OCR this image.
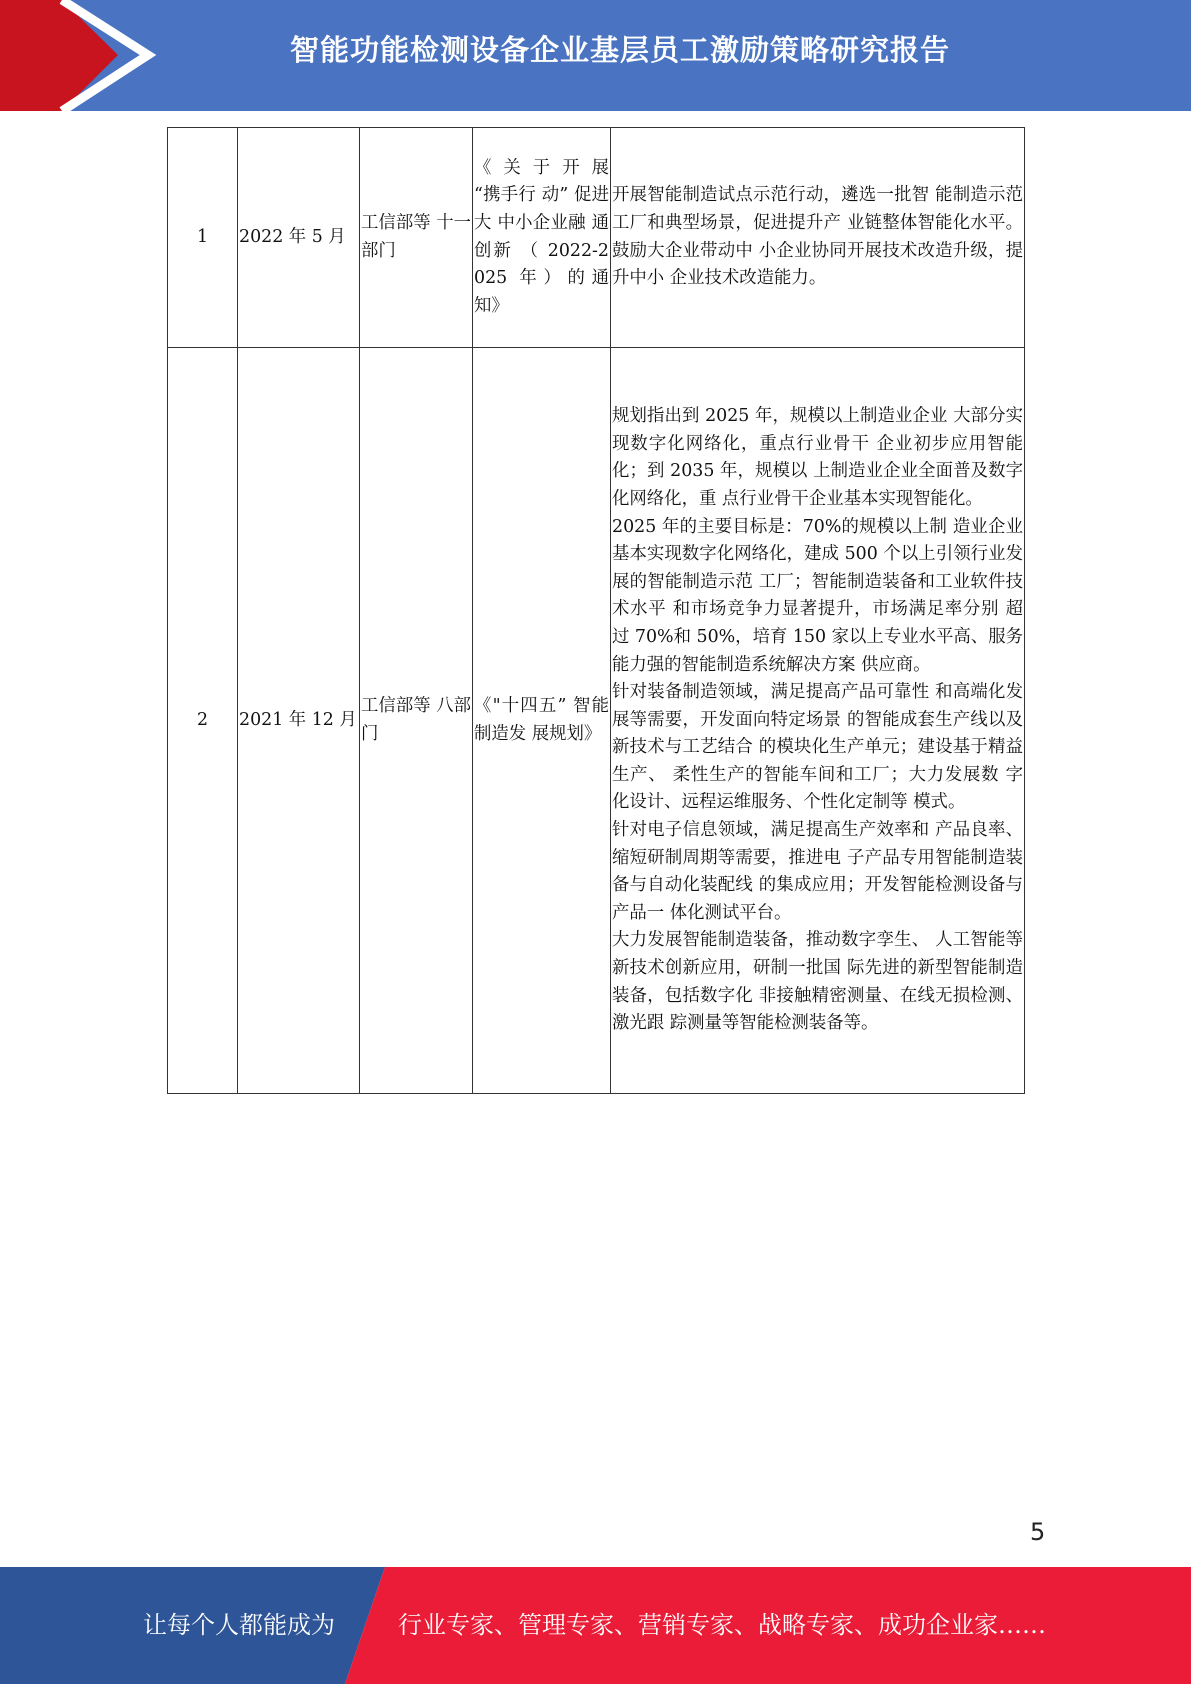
智能功能检测设备企业基层员工激励策略研究报告
1	2022 年 5 月	工信部等 十一部门	《 关 于 开 展 “携手行 动” 促进大 中小企业融 通创新 （ 2022-2025 年）的通 知》	开展智能制造试点示范行动，遴选一批智 能制造示范工厂和典型场景，促进提升产 业链整体智能化水平。鼓励大企业带动中 小企业协同开展技术改造升级，提升中小 企业技术改造能力。

2	2021 年 12 月	工信部等 八部门	《"十四五” 智能制造发 展规划》	规划指出到 2025 年，规模以上制造业企业 大部分实现数字化网络化，重点行业骨干 企业初步应用智能化；到 2035 年，规模以 上制造业企业全面普及数字化网络化，重 点行业骨干企业基本实现智能化。
2025 年的主要目标是：70%的规模以上制 造业企业基本实现数字化网络化，建成 500 个以上引领行业发展的智能制造示范 工厂；智能制造装备和工业软件技术水平 和市场竞争力显著提升，市场满足率分别 超过 70%和 50%，培育 150 家以上专业水平高、服务能力强的智能制造系统解决方案 供应商。
针对装备制造领域，满足提高产品可靠性 和高端化发展等需要，开发面向特定场景 的智能成套生产线以及新技术与工艺结合 的模块化生产单元；建设基于精益生产、 柔性生产的智能车间和工厂；大力发展数 字化设计、远程运维服务、个性化定制等 模式。
针对电子信息领域，满足提高生产效率和 产品良率、缩短研制周期等需要，推进电 子产品专用智能制造装备与自动化装配线 的集成应用；开发智能检测设备与产品一 体化测试平台。
大力发展智能制造装备，推动数字孪生、 人工智能等新技术创新应用，研制一批国 际先进的新型智能制造装备，包括数字化 非接触精密测量、在线无损检测、激光跟 踪测量等智能检测装备等。
5
让每个人都能成为	行业专家、管理专家、营销专家、战略专家、成功企业家……
